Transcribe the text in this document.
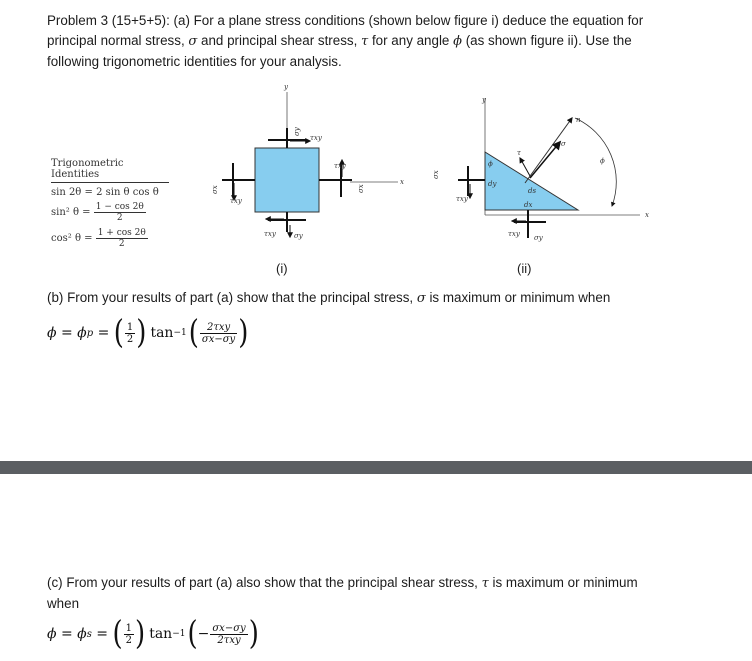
Problem 3 (15+5+5): (a) For a plane stress conditions (shown below figure i) deduce the equation for
principal normal stress, σ and principal shear stress, τ for any angle ϕ (as shown figure ii). Use the
following trigonometric identities for your analysis.
Trigonometric Identities
sin 2θ = 2 sin θ cos θ
sin² $\theta = \frac{1 - \cos 2\theta}{2}$
cos² $\theta = \frac{1 + \cos 2\theta}{2}$
y
x
σy
τxy
σx
τxy
τxy
σx
τxy	σy
y
x
n
τ
σ
ϕ
ϕ
σx
τxy
dy
ds
dx
τxy σy
(i)	(ii)
(b) From your results of part (a) show that the principal stress, σ is maximum or minimum when
ϕ = ϕ p = ( $\frac{1}{2}$ ) tan −1 ( $\frac{\text{2τxy}}{\sigma x-\sigma y}$ )
(c) From your results of part (a) also show that the principal shear stress, τ is maximum or minimum
when
ϕ = ϕ s = ( $\frac{1}{2}$ ) tan −1 ( − $\frac{\sigma x-\sigma y}{\text{2τxy}}$ )
